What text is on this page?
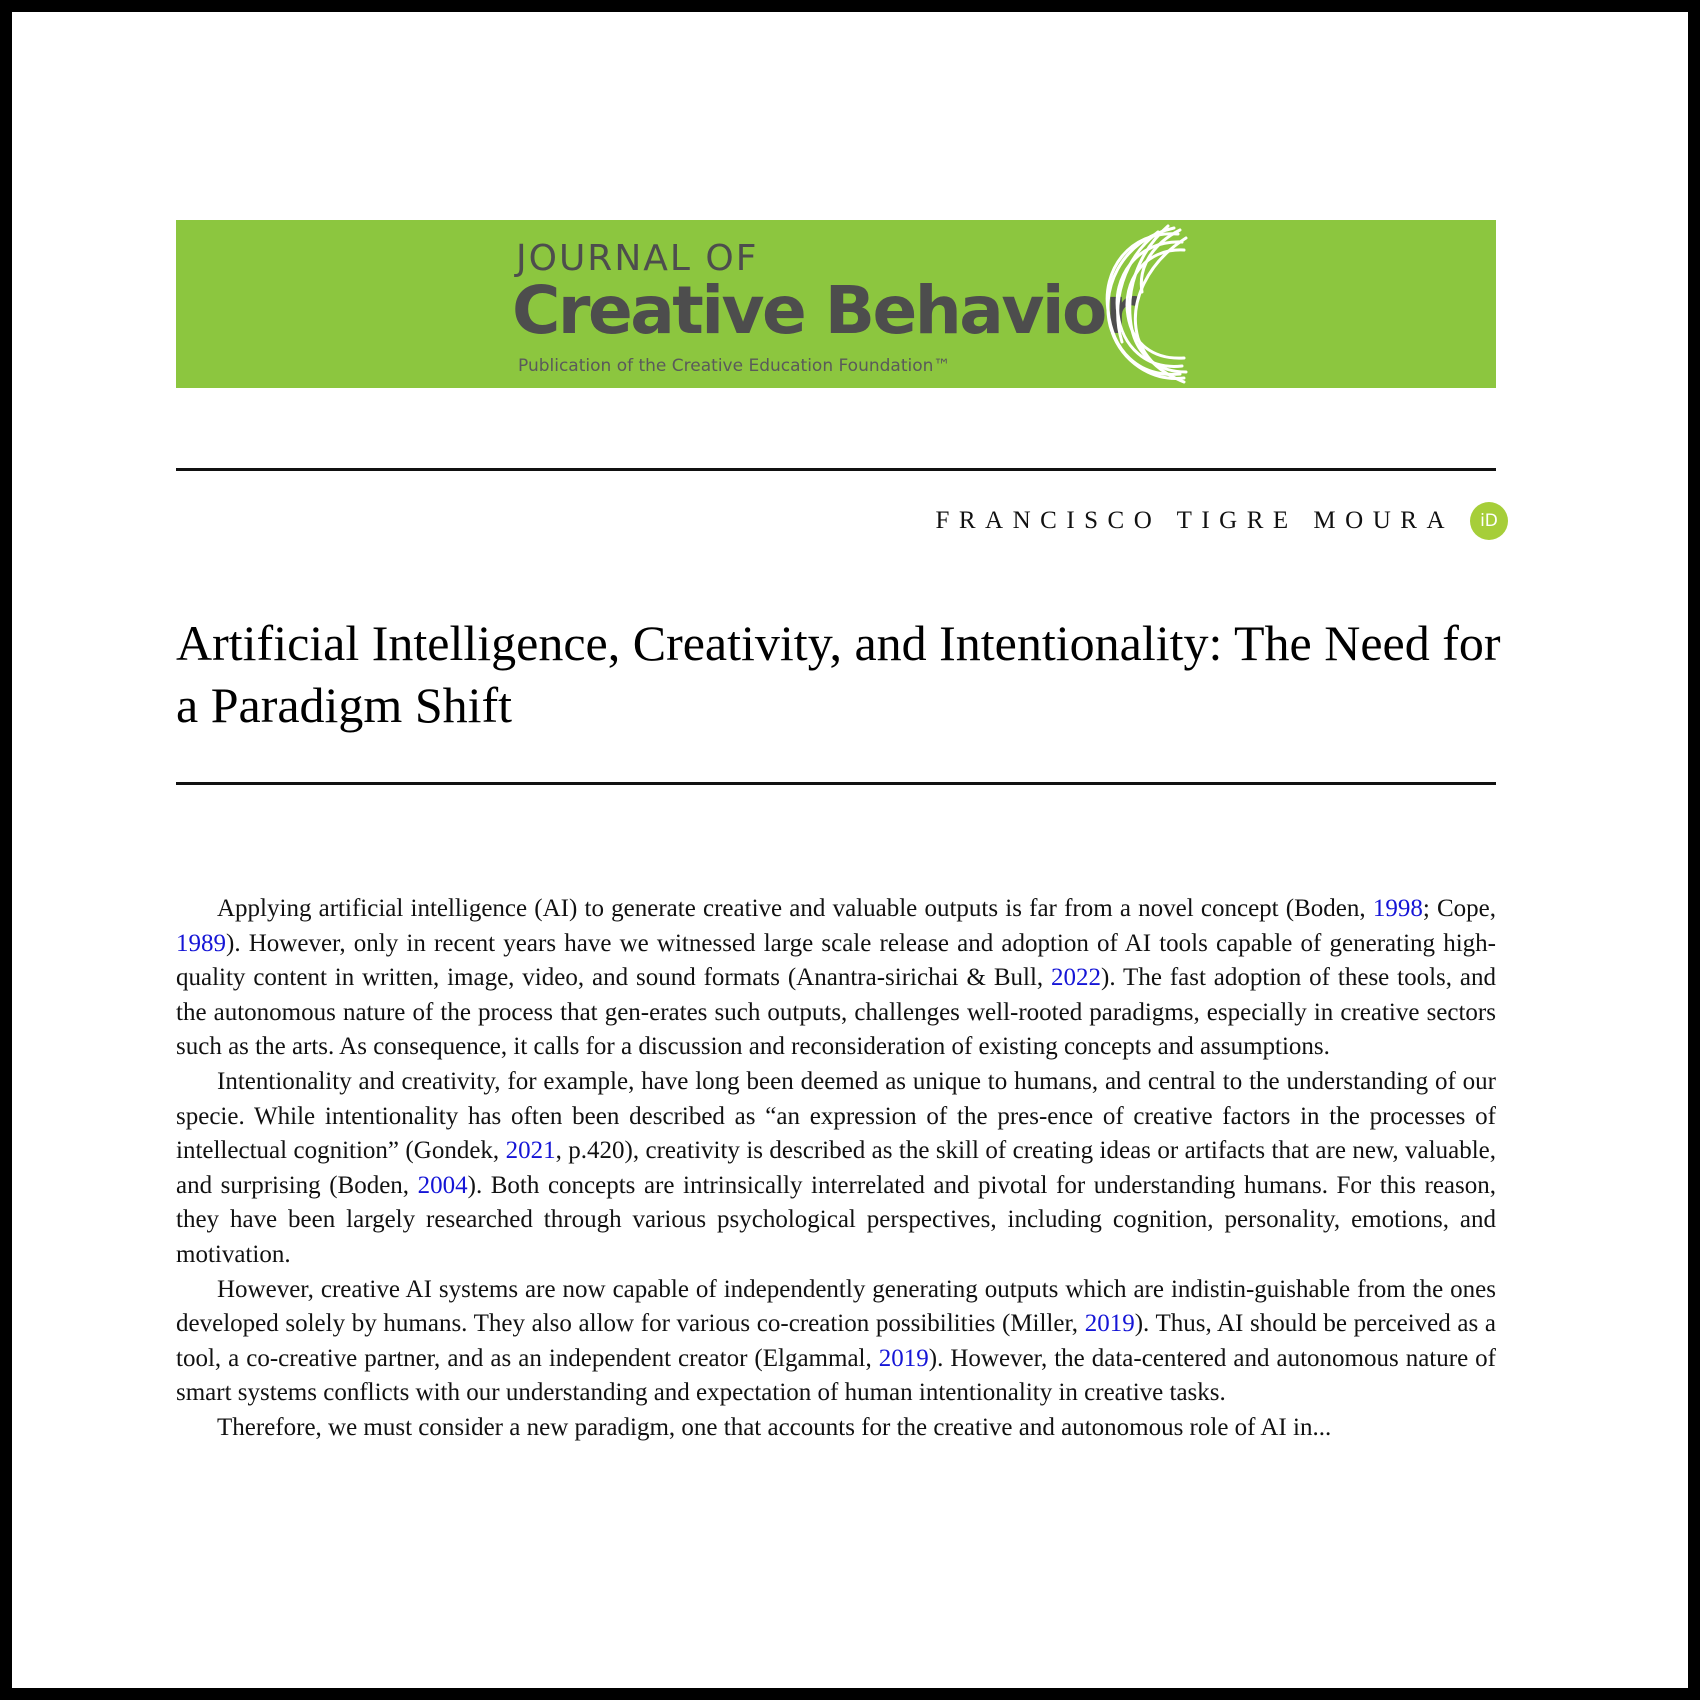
JOURNAL OF
Creative Behavior
Publication of the Creative Education Foundation™
FRANCISCO TIGRE MOURA	iD
Artificial Intelligence, Creativity, and Intentionality: The Need for a Paradigm Shift

Applying artificial intelligence (AI) to generate creative and valuable outputs is far from a novel concept (Boden, 1998; Cope, 1989). However, only in recent years have we witnessed large scale release and adoption of AI tools capable of generating high-quality content in written, image, video, and sound formats (Anantra-sirichai & Bull, 2022). The fast adoption of these tools, and the autonomous nature of the process that gen-erates such outputs, challenges well-rooted paradigms, especially in creative sectors such as the arts. As consequence, it calls for a discussion and reconsideration of existing concepts and assumptions.

Intentionality and creativity, for example, have long been deemed as unique to humans, and central to the understanding of our specie. While intentionality has often been described as “an expression of the pres-ence of creative factors in the processes of intellectual cognition” (Gondek, 2021, p.420), creativity is described as the skill of creating ideas or artifacts that are new, valuable, and surprising (Boden, 2004). Both concepts are intrinsically interrelated and pivotal for understanding humans. For this reason, they have been largely researched through various psychological perspectives, including cognition, personality, emotions, and motivation.

However, creative AI systems are now capable of independently generating outputs which are indistin-guishable from the ones developed solely by humans. They also allow for various co-creation possibilities (Miller, 2019). Thus, AI should be perceived as a tool, a co-creative partner, and as an independent creator (Elgammal, 2019). However, the data-centered and autonomous nature of smart systems conflicts with our understanding and expectation of human intentionality in creative tasks.

Therefore, we must consider a new paradigm, one that accounts for the creative and autonomous role of AI in...
